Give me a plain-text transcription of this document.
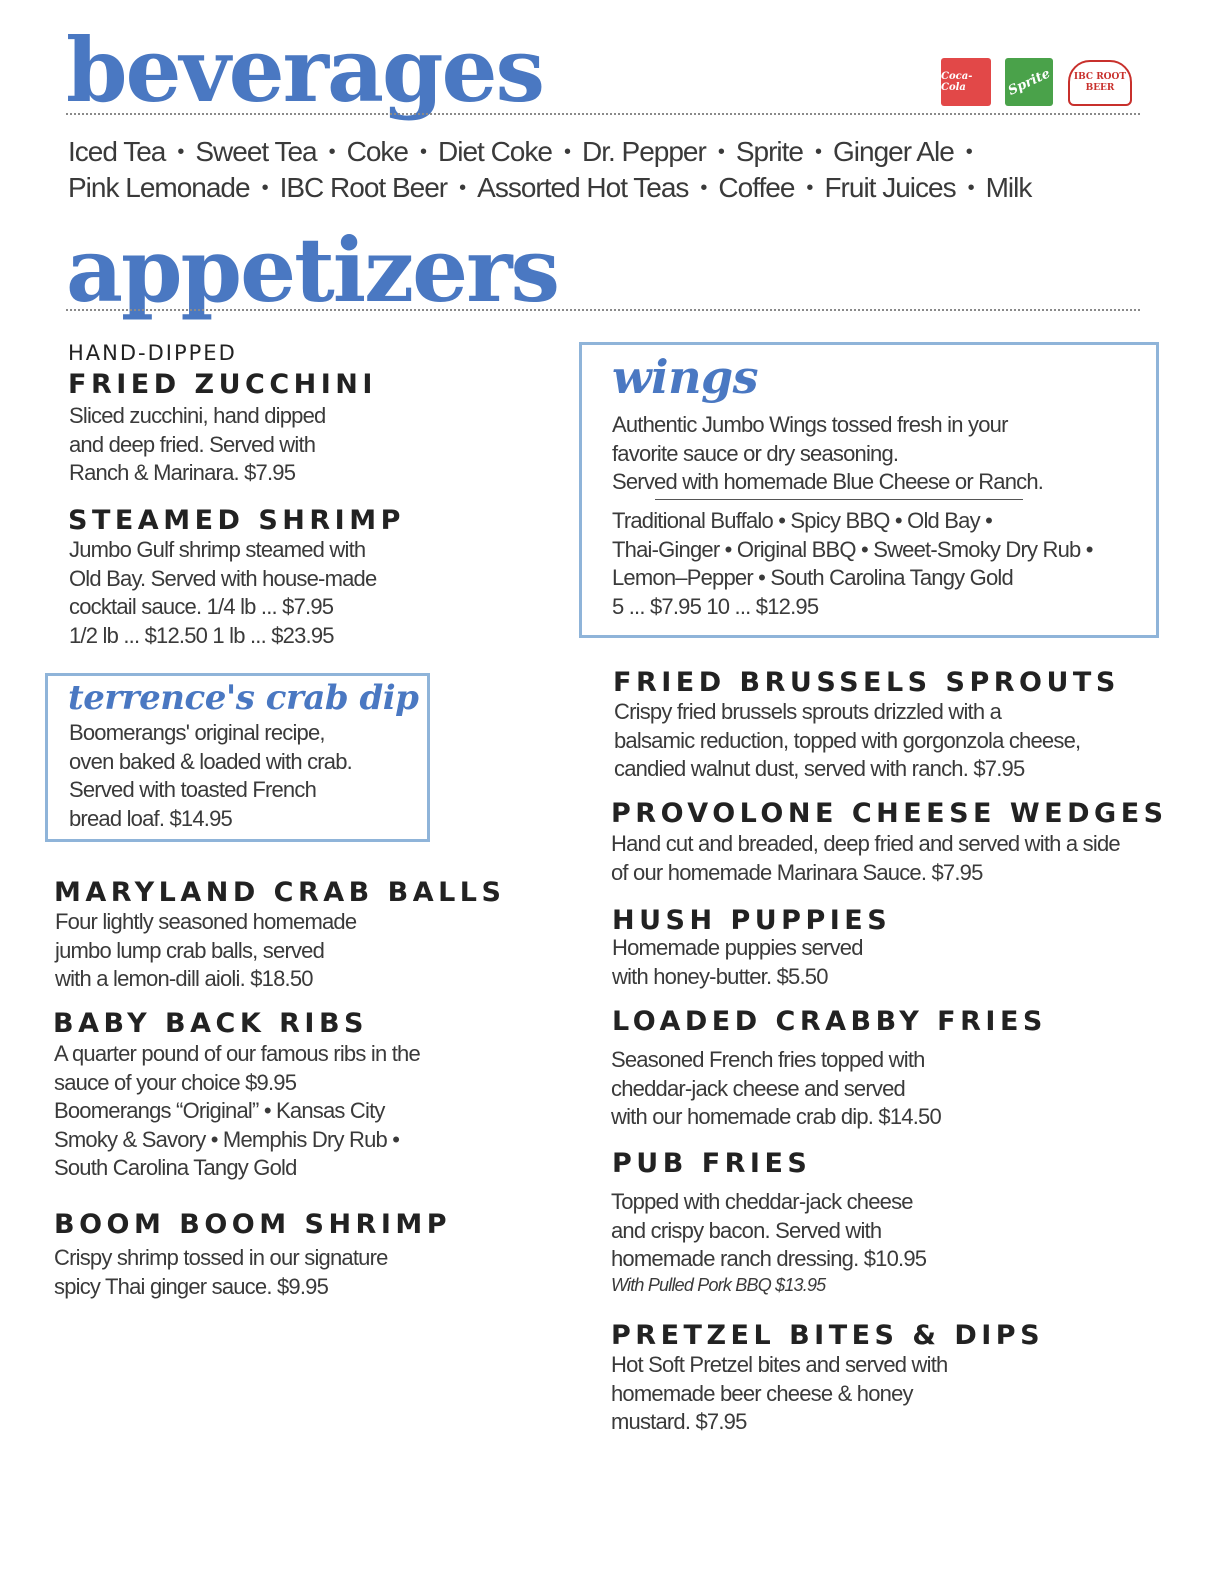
beverages	Coca-Cola	Sprite IBC ROOT BEER
Iced Tea • Sweet Tea • Coke • Diet Coke • Dr. Pepper • Sprite • Ginger Ale •
Pink Lemonade • IBC Root Beer • Assorted Hot Teas • Coffee • Fruit Juices • Milk
appetizers
HAND-DIPPED
FRIED ZUCCHINI
Sliced zucchini, hand dipped
and deep fried. Served with
Ranch & Marinara. $7.95
STEAMED SHRIMP
Jumbo Gulf shrimp steamed with
Old Bay. Served with house-made
cocktail sauce. 1/4 lb ... $7.95
1/2 lb ... $12.50 1 lb ... $23.95
terrence's crab dip
Boomerangs' original recipe,
oven baked & loaded with crab.
Served with toasted French
bread loaf. $14.95
MARYLAND CRAB BALLS
Four lightly seasoned homemade
jumbo lump crab balls, served
with a lemon-dill aioli. $18.50
BABY BACK RIBS
A quarter pound of our famous ribs in the
sauce of your choice $9.95
Boomerangs “Original” • Kansas City
Smoky & Savory • Memphis Dry Rub •
South Carolina Tangy Gold
BOOM BOOM SHRIMP
Crispy shrimp tossed in our signature
spicy Thai ginger sauce. $9.95
wings
Authentic Jumbo Wings tossed fresh in your
favorite sauce or dry seasoning.
Served with homemade Blue Cheese or Ranch.
Traditional Buffalo • Spicy BBQ • Old Bay •
Thai-Ginger • Original BBQ • Sweet-Smoky Dry Rub •
Lemon–Pepper • South Carolina Tangy Gold
5 ... $7.95 10 ... $12.95
FRIED BRUSSELS SPROUTS
Crispy fried brussels sprouts drizzled with a
balsamic reduction, topped with gorgonzola cheese,
candied walnut dust, served with ranch. $7.95
PROVOLONE CHEESE WEDGES
Hand cut and breaded, deep fried and served with a side
of our homemade Marinara Sauce. $7.95
HUSH PUPPIES
Homemade puppies served
with honey-butter. $5.50
LOADED CRABBY FRIES
Seasoned French fries topped with
cheddar-jack cheese and served
with our homemade crab dip. $14.50
PUB FRIES
Topped with cheddar-jack cheese
and crispy bacon. Served with
homemade ranch dressing. $10.95
With Pulled Pork BBQ $13.95
PRETZEL BITES & DIPS
Hot Soft Pretzel bites and served with
homemade beer cheese & honey
mustard. $7.95
